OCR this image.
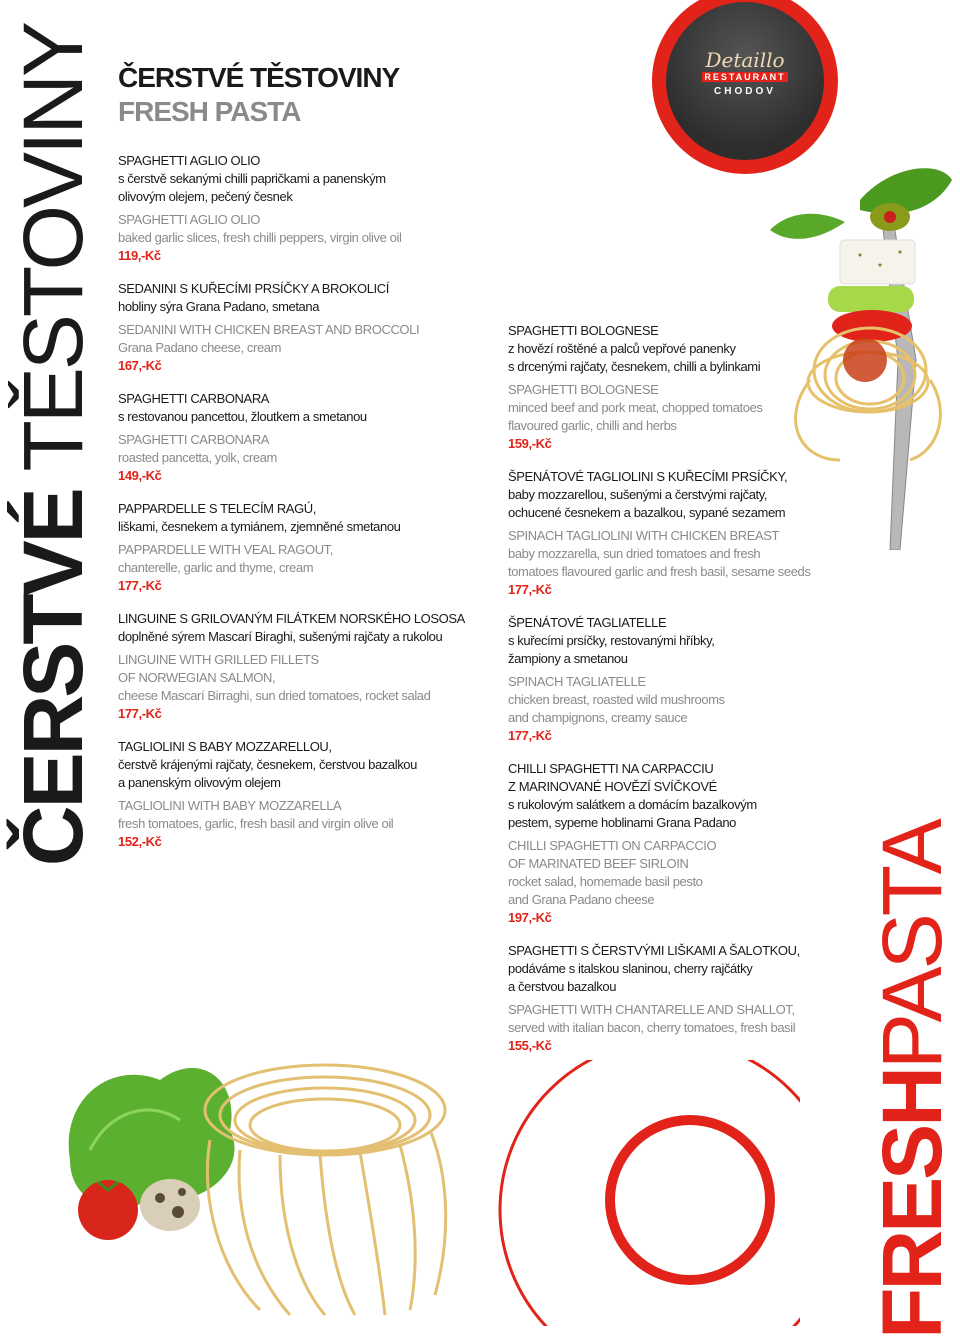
ČERSTVÉ TĚSTOVINY
FRESHPASTA
ČERSTVÉ TĚSTOVINY
FRESH PASTA
Detaillo
RESTAURANT
CHODOV
SPAGHETTI AGLIO OLIO
s čerstvě sekanými chilli papričkami a panenským
olivovým olejem, pečený česnek
SPAGHETTI AGLIO OLIO
baked garlic slices, fresh chilli peppers, virgin olive oil
119,-Kč
SEDANINI S KUŘECÍMI PRSÍČKY A BROKOLICÍ
hobliny sýra Grana Padano, smetana
SEDANINI WITH CHICKEN BREAST AND BROCCOLI
Grana Padano cheese, cream
167,-Kč
SPAGHETTI CARBONARA
s restovanou pancettou, žloutkem a smetanou
SPAGHETTI CARBONARA
roasted pancetta, yolk, cream
149,-Kč
PAPPARDELLE S TELECÍM RAGÚ,
liškami, česnekem a tymiánem, zjemněné smetanou
PAPPARDELLE WITH VEAL RAGOUT,
chanterelle, garlic and thyme, cream
177,-Kč
LINGUINE S GRILOVANÝM FILÁTKEM NORSKÉHO LOSOSA
doplněné sýrem Mascarí Biraghi, sušenými rajčaty a rukolou
LINGUINE WITH GRILLED FILLETS
OF NORWEGIAN SALMON,
cheese Mascarí Birraghi, sun dried tomatoes, rocket salad
177,-Kč
TAGLIOLINI S BABY MOZZARELLOU,
čerstvě krájenými rajčaty, česnekem, čerstvou bazalkou
a panenským olivovým olejem
TAGLIOLINI WITH BABY MOZZARELLA
fresh tomatoes, garlic, fresh basil and virgin olive oil
152,-Kč
SPAGHETTI BOLOGNESE
z hovězí roštěné a palců vepřové panenky
s drcenými rajčaty, česnekem, chilli a bylinkami
SPAGHETTI BOLOGNESE
minced beef and pork meat, chopped tomatoes
flavoured garlic, chilli and herbs
159,-Kč
ŠPENÁTOVÉ TAGLIOLINI S KUŘECÍMI PRSÍČKY,
baby mozzarellou, sušenými a čerstvými rajčaty,
ochucené česnekem a bazalkou, sypané sezamem
SPINACH TAGLIOLINI WITH CHICKEN BREAST
baby mozzarella, sun dried tomatoes and fresh
tomatoes flavoured garlic and fresh basil, sesame seeds
177,-Kč
ŠPENÁTOVÉ TAGLIATELLE
s kuřecími prsíčky, restovanými hříbky,
žampiony a smetanou
SPINACH TAGLIATELLE
chicken breast, roasted wild mushrooms
and champignons, creamy sauce
177,-Kč
CHILLI SPAGHETTI NA CARPACCIU
Z MARINOVANÉ HOVĚZÍ SVÍČKOVÉ
s rukolovým salátkem a domácím bazalkovým
pestem, sypeme hoblinami Grana Padano
CHILLI SPAGHETTI ON CARPACCIO
OF MARINATED BEEF SIRLOIN
rocket salad, homemade basil pesto
and Grana Padano cheese
197,-Kč
SPAGHETTI S ČERSTVÝMI LIŠKAMI A ŠALOTKOU,
podáváme s italskou slaninou, cherry rajčátky
a čerstvou bazalkou
SPAGHETTI WITH CHANTARELLE AND SHALLOT,
served with italian bacon, cherry tomatoes, fresh basil
155,-Kč
